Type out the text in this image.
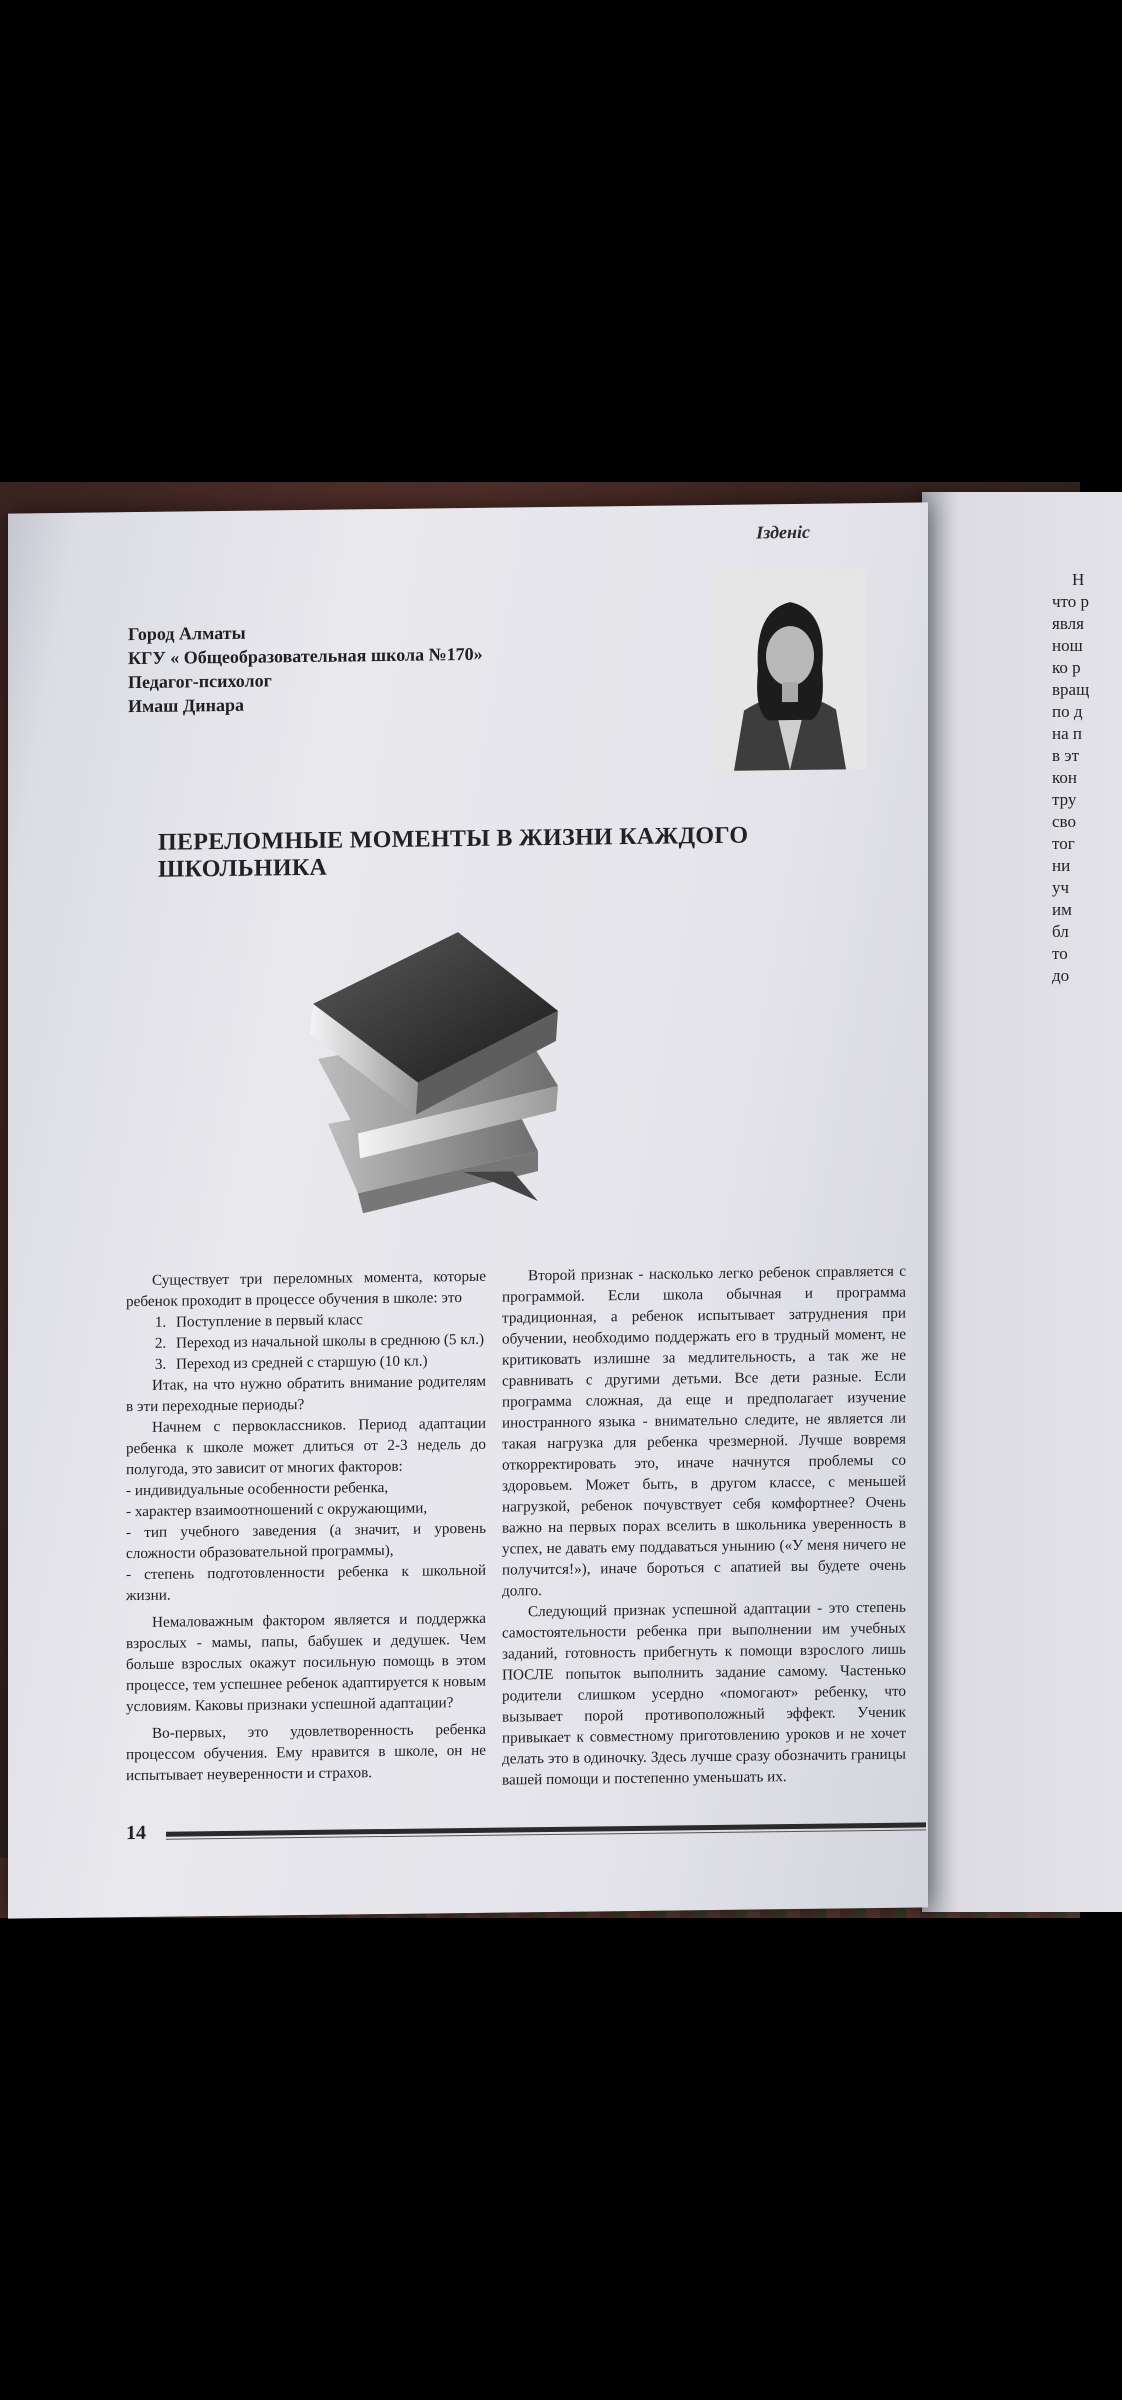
Н
что р
явля
нош
ко р
вращ
по д
на п
в эт
кон
тру
сво
тог
ни
уч
им
бл
то
до
Ізденіс
Город Алматы
КГУ « Общеобразовательная школа №170»
Педагог-психолог
Имаш Динара
ПЕРЕЛОМНЫЕ МОМЕНТЫ В ЖИЗНИ КАЖДОГО ШКОЛЬНИКА

Существует три переломных момента, которые ребенок проходит в процессе обучения в школе: это

1. Поступление в первый класс
2. Переход из начальной школы в среднюю (5 кл.)
3. Переход из средней с старшую (10 кл.)

Итак, на что нужно обратить внимание родителям в эти переходные периоды?

Начнем с первоклассников. Период адаптации ребенка к школе может длиться от 2-3 недель до полугода, это зависит от многих факторов:

- индивидуальные особенности ребенка,

- характер взаимоотношений с окружающими,

- тип учебного заведения (а значит, и уровень сложности образовательной программы),

- степень подготовленности ребенка к школьной жизни.

Немаловажным фактором является и поддержка взрослых - мамы, папы, бабушек и дедушек. Чем больше взрослых окажут посильную помощь в этом процессе, тем успешнее ребенок адаптируется к новым условиям. Каковы признаки успешной адаптации?

Во-первых, это удовлетворенность ребенка процессом обучения. Ему нравится в школе, он не испытывает неуверенности и страхов.

Второй признак - насколько легко ребенок справляется с программой. Если школа обычная и программа традиционная, а ребенок испытывает затруднения при обучении, необходимо поддержать его в трудный момент, не критиковать излишне за медлительность, а так же не сравнивать с другими детьми. Все дети разные. Если программа сложная, да еще и предполагает изучение иностранного языка - внимательно следите, не является ли такая нагрузка для ребенка чрезмерной. Лучше вовремя откорректировать это, иначе начнутся проблемы со здоровьем. Может быть, в другом классе, с меньшей нагрузкой, ребенок почувствует себя комфортнее? Очень важно на первых порах вселить в школьника уверенность в успех, не давать ему поддаваться унынию («У меня ничего не получится!»), иначе бороться с апатией вы будете очень долго.

Следующий признак успешной адаптации - это степень самостоятельности ребенка при выполнении им учебных заданий, готовность прибегнуть к помощи взрослого лишь ПОСЛЕ попыток выполнить задание самому. Частенько родители слишком усердно «помогают» ребенку, что вызывает порой противоположный эффект. Ученик привыкает к совместному приготовлению уроков и не хочет делать это в одиночку. Здесь лучше сразу обозначить границы вашей помощи и постепенно уменьшать их.

14
